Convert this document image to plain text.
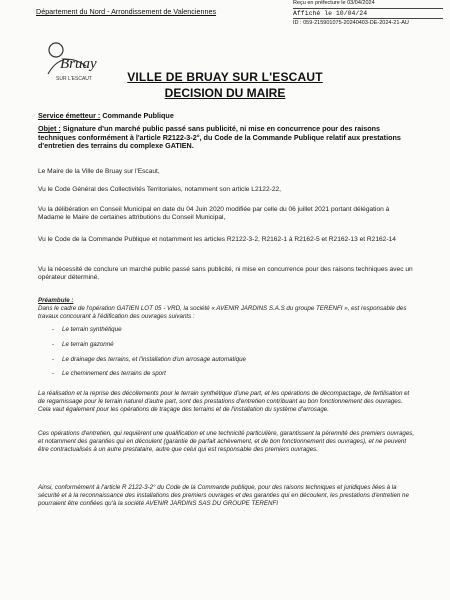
Département du Nord - Arrondissement de Valenciennes
Reçu en préfecture le 03/04/2024
Affiché le 10/04/24
ID : 059-215901075-20240403-DE-2024-21-AU
Bruay
SUR L'ESCAUT	VILLE DE BRUAY SUR L'ESCAUT
DECISION DU MAIRE
Service émetteur : Commande Publique
Objet : Signature d'un marché public passé sans publicité, ni mise en concurrence pour des raisons techniques conformément à l'article R2122-3-2°, du Code de la Commande Publique relatif aux prestations d'entretien des terrains du complexe GATIEN.
Le Maire de la Ville de Bruay sur l'Escaut,
Vu le Code Général des Collectivités Territoriales, notamment son article L2122-22,
Vu la délibération en Conseil Municipal en date du 04 Juin 2020 modifiée par celle du 06 juillet 2021 portant délégation à Madame le Maire de certaines attributions du Conseil Municipal,
Vu le Code de la Commande Publique et notamment les articles R2122-3-2, R2162-1 à R2162-5 et R2162-13 et R2162-14
Vu la nécessité de conclure un marché public passé sans publicité, ni mise en concurrence pour des raisons techniques avec un opérateur déterminé.
Préambule :
Dans le cadre de l'opération GATIEN LOT 05 - VRD, la société « AVENIR JARDINS S.A.S du groupe TERENFI », est responsable des travaux concourant à l'édification des ouvrages suivants :
- Le terrain synthétique
- Le terrain gazonné
- Le drainage des terrains, et l'installation d'un arrosage automatique
- Le cheminement des terrains de sport
La réalisation et la reprise des décollements pour le terrain synthétique d'une part, et les opérations de décompactage, de fertilisation et de regarnissage pour le terrain naturel d'autre part, sont des prestations d'entretien contribuant au bon fonctionnement des ouvrages. Cela vaut également pour les opérations de traçage des terrains et de l'installation du système d'arrosage.
Ces opérations d'entretien, qui requièrent une qualification et une technicité particulière, garantissent la pérennité des premiers ouvrages, et notamment des garanties qui en découlent (garantie de parfait achèvement, et de bon fonctionnement des ouvrages), et ne peuvent être contractualisés à un autre prestataire, autre que celui qui est responsable des premiers ouvrages.
Ainsi, conformément à l'article R 2122-3-2° du Code de la Commande publique, pour des raisons techniques et juridiques liées à la sécurité et à la reconnaissance des installations des premiers ouvrages et des garanties qui en découlent, les prestations d'entretien ne pourraient être confiées qu'à la société AVENIR JARDINS SAS DU GROUPE TERENFI
